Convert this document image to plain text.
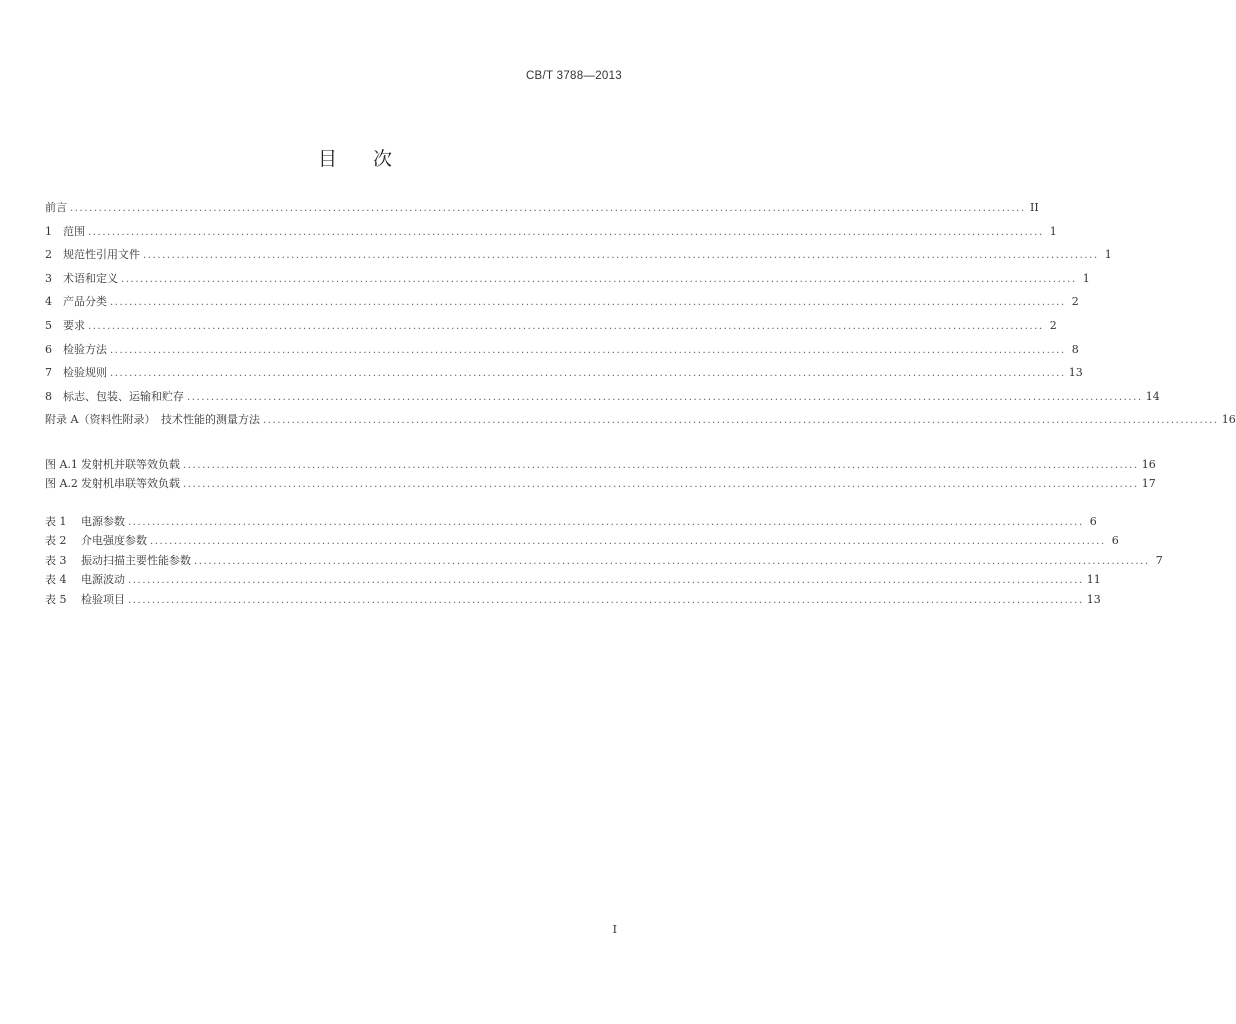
CB/T 3788—2013
目次
前言 ........................................................................................................................................................................................................ II
1	范围 ........................................................................................................................................................................................................ 1
2	规范性引用文件 ........................................................................................................................................................................................................ 1
3	术语和定义 ........................................................................................................................................................................................................ 1
4	产品分类 ........................................................................................................................................................................................................ 2
5	要求 ........................................................................................................................................................................................................ 2
6	检验方法 ........................................................................................................................................................................................................ 8
7	检验规则 ........................................................................................................................................................................................................ 13
8	标志、包装、运输和贮存 ........................................................................................................................................................................................................ 14
附录 A（资料性附录）　技术性能的测量方法 ........................................................................................................................................................................................................ 16
图 A.1 发射机并联等效负载 ........................................................................................................................................................................................................ 16
图 A.2 发射机串联等效负载 ........................................................................................................................................................................................................ 17
表 1	电源参数 ........................................................................................................................................................................................................ 6
表 2	介电强度参数 ........................................................................................................................................................................................................ 6
表 3	振动扫描主要性能参数 ........................................................................................................................................................................................................ 7
表 4	电源波动 ........................................................................................................................................................................................................ 11
表 5	检验项目 ........................................................................................................................................................................................................ 13
I
